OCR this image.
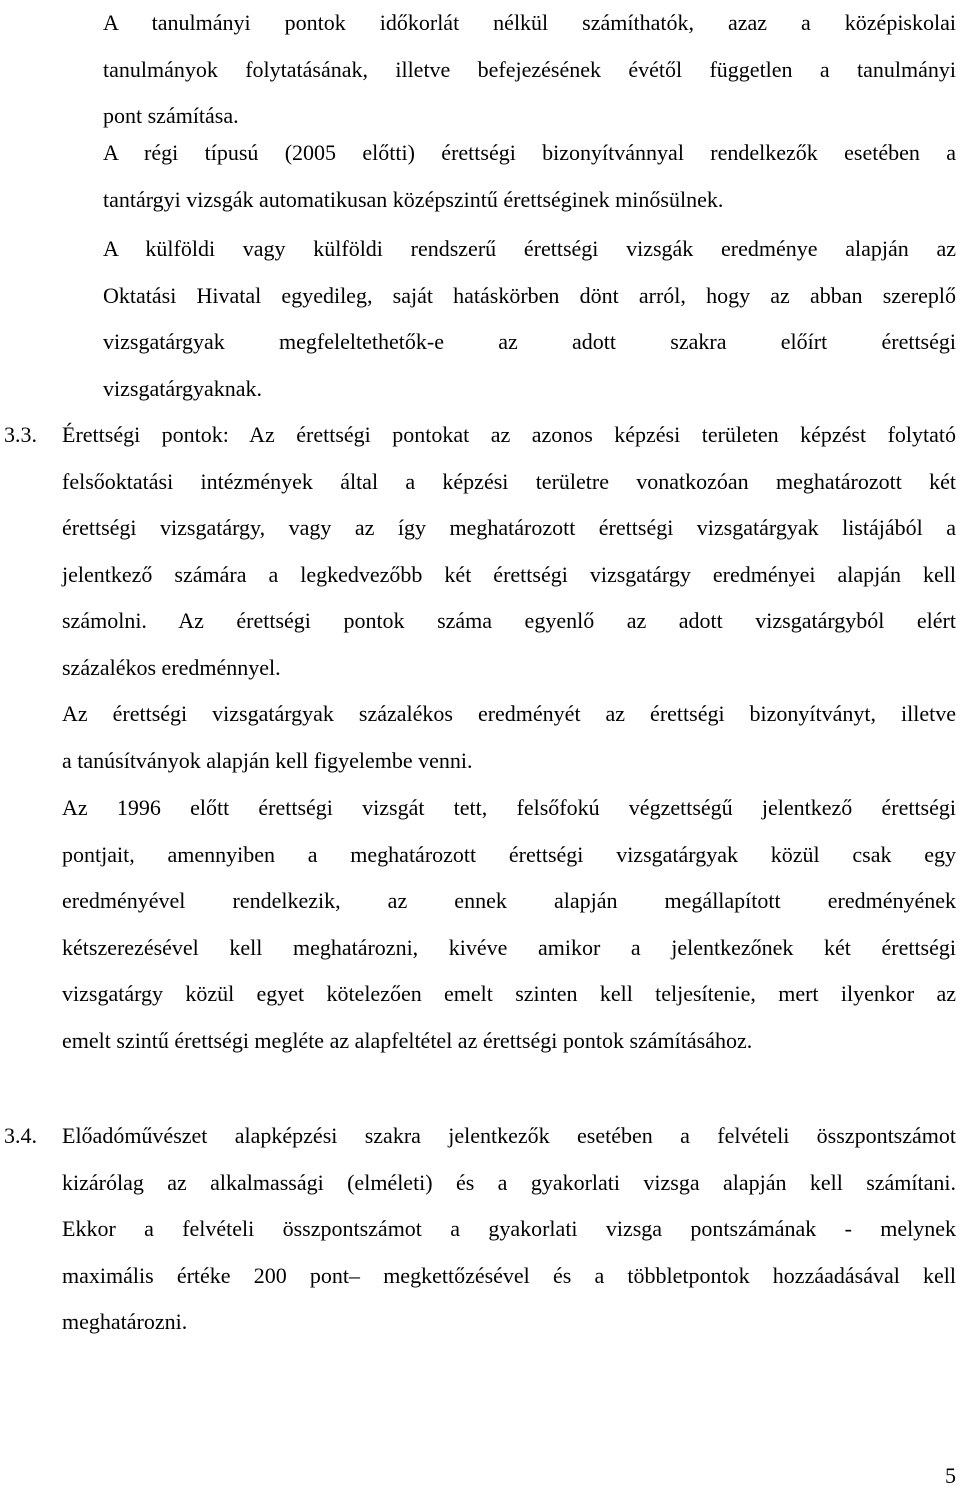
A tanulmányi pontok időkorlát nélkül számíthatók, azaz a középiskolai
tanulmányok folytatásának, illetve befejezésének évétől független a tanulmányi
pont számítása.
A régi típusú (2005 előtti) érettségi bizonyítvánnyal rendelkezők esetében a
tantárgyi vizsgák automatikusan középszintű érettséginek minősülnek.
A külföldi vagy külföldi rendszerű érettségi vizsgák eredménye alapján az
Oktatási Hivatal egyedileg, saját hatáskörben dönt arról, hogy az abban szereplő
vizsgatárgyak megfeleltethetők-e az adott szakra előírt érettségi
vizsgatárgyaknak.
3.3. Érettségi pontok: Az érettségi pontokat az azonos képzési területen képzést folytató
felsőoktatási intézmények által a képzési területre vonatkozóan meghatározott két
érettségi vizsgatárgy, vagy az így meghatározott érettségi vizsgatárgyak listájából a
jelentkező számára a legkedvezőbb két érettségi vizsgatárgy eredményei alapján kell
számolni. Az érettségi pontok száma egyenlő az adott vizsgatárgyból elért
százalékos eredménnyel.
Az érettségi vizsgatárgyak százalékos eredményét az érettségi bizonyítványt, illetve
a tanúsítványok alapján kell figyelembe venni.
Az 1996 előtt érettségi vizsgát tett, felsőfokú végzettségű jelentkező érettségi
pontjait, amennyiben a meghatározott érettségi vizsgatárgyak közül csak egy
eredményével rendelkezik, az ennek alapján megállapított eredményének
kétszerezésével kell meghatározni, kivéve amikor a jelentkezőnek két érettségi
vizsgatárgy közül egyet kötelezően emelt szinten kell teljesítenie, mert ilyenkor az
emelt szintű érettségi megléte az alapfeltétel az érettségi pontok számításához.
3.4. Előadóművészet alapképzési szakra jelentkezők esetében a felvételi összpontszámot
kizárólag az alkalmassági (elméleti) és a gyakorlati vizsga alapján kell számítani.
Ekkor a felvételi összpontszámot a gyakorlati vizsga pontszámának - melynek
maximális értéke 200 pont– megkettőzésével és a többletpontok hozzáadásával kell
meghatározni.
5
